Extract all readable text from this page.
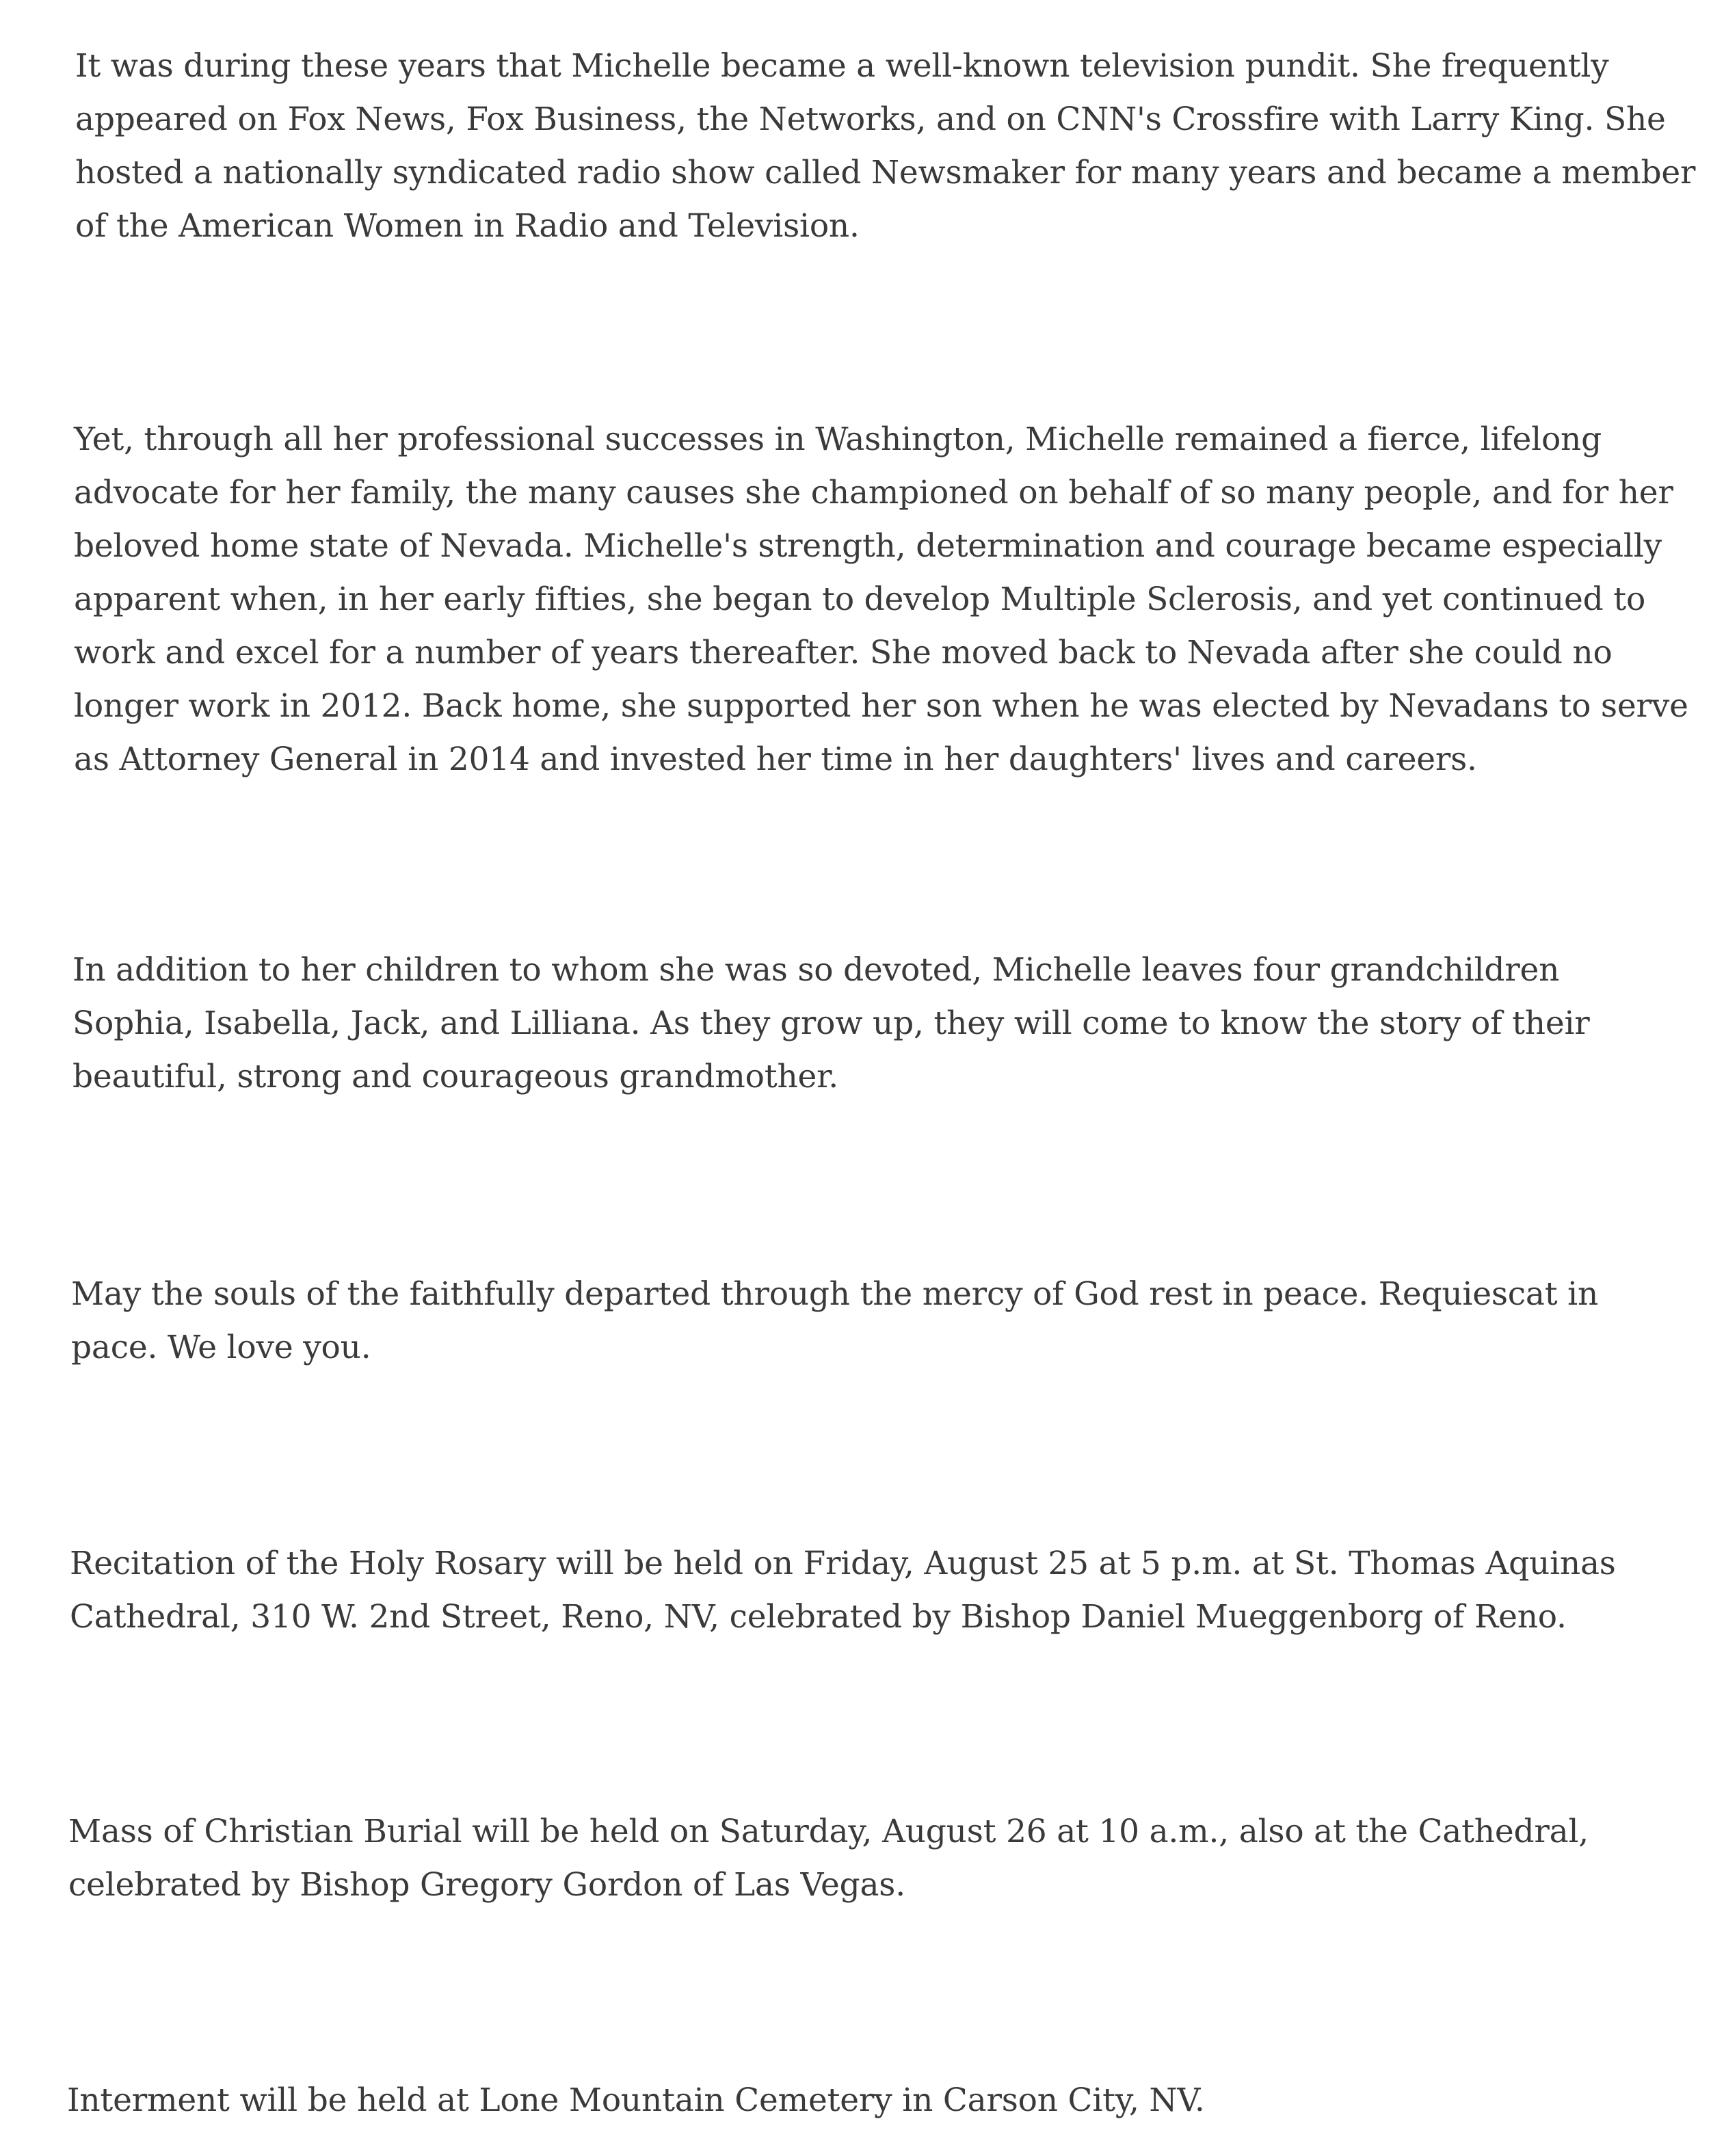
It was during these years that Michelle became a well-known television pundit. She frequently appeared on Fox News, Fox Business, the Networks, and on CNN's Crossfire with Larry King. She hosted a nationally syndicated radio show called Newsmaker for many years and became a member of the American Women in Radio and Television.

Yet, through all her professional successes in Washington, Michelle remained a fierce, lifelong advocate for her family, the many causes she championed on behalf of so many people, and for her beloved home state of Nevada. Michelle's strength, determination and courage became especially apparent when, in her early fifties, she began to develop Multiple Sclerosis, and yet continued to work and excel for a number of years thereafter. She moved back to Nevada after she could no longer work in 2012. Back home, she supported her son when he was elected by Nevadans to serve as Attorney General in 2014 and invested her time in her daughters' lives and careers.

In addition to her children to whom she was so devoted, Michelle leaves four grandchildren Sophia, Isabella, Jack, and Lilliana. As they grow up, they will come to know the story of their beautiful, strong and courageous grandmother.

May the souls of the faithfully departed through the mercy of God rest in peace. Requiescat in pace. We love you.

Recitation of the Holy Rosary will be held on Friday, August 25 at 5 p.m. at St. Thomas Aquinas Cathedral, 310 W. 2nd Street, Reno, NV, celebrated by Bishop Daniel Mueggenborg of Reno.

Mass of Christian Burial will be held on Saturday, August 26 at 10 a.m., also at the Cathedral, celebrated by Bishop Gregory Gordon of Las Vegas.

Interment will be held at Lone Mountain Cemetery in Carson City, NV.
